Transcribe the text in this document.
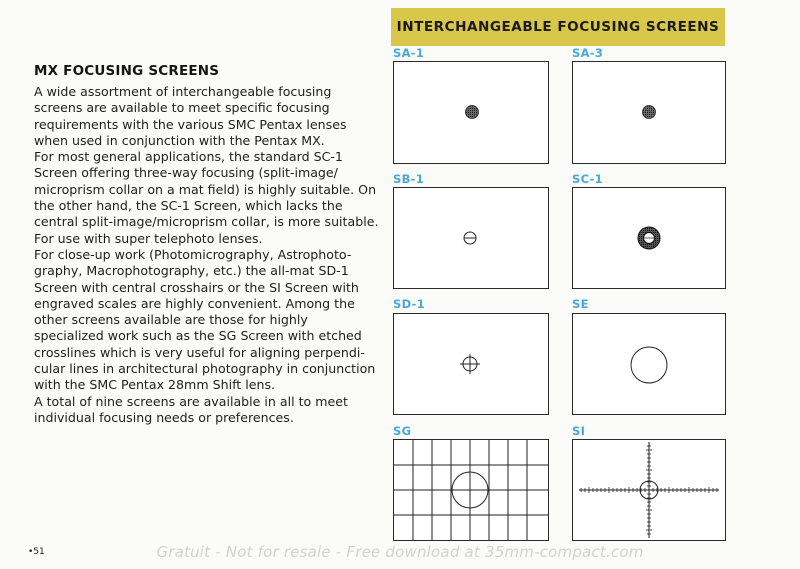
INTERCHANGEABLE FOCUSING SCREENS
MX FOCUSING SCREENS

A wide assortment of interchangeable focusing screens are available to meet specific focusing requirements with the various SMC Pentax lenses when used in conjunction with the Pentax MX.

For most general applications, the standard SC-1 Screen offering three-way focusing (split-image/ microprism collar on a mat field) is highly suitable. On the other hand, the SC-1 Screen, which lacks the central split-image/microprism collar, is more suitable. For use with super telephoto lenses.

For close-up work (Photomicrography, Astrophoto- graphy, Macrophotography, etc.) the all-mat SD-1 Screen with central crosshairs or the SI Screen with engraved scales are highly convenient. Among the other screens available are those for highly specialized work such as the SG Screen with etched crosslines which is very useful for aligning perpendi- cular lines in architectural photography in conjunction with the SMC Pentax 28mm Shift lens.

A total of nine screens are available in all to meet individual focusing needs or preferences.

SA-1	SA-3
SB-1	SC-1
SD-1	SE
SG	SI
•51	Gratuit - Not for resale - Free download at 35mm-compact.com
